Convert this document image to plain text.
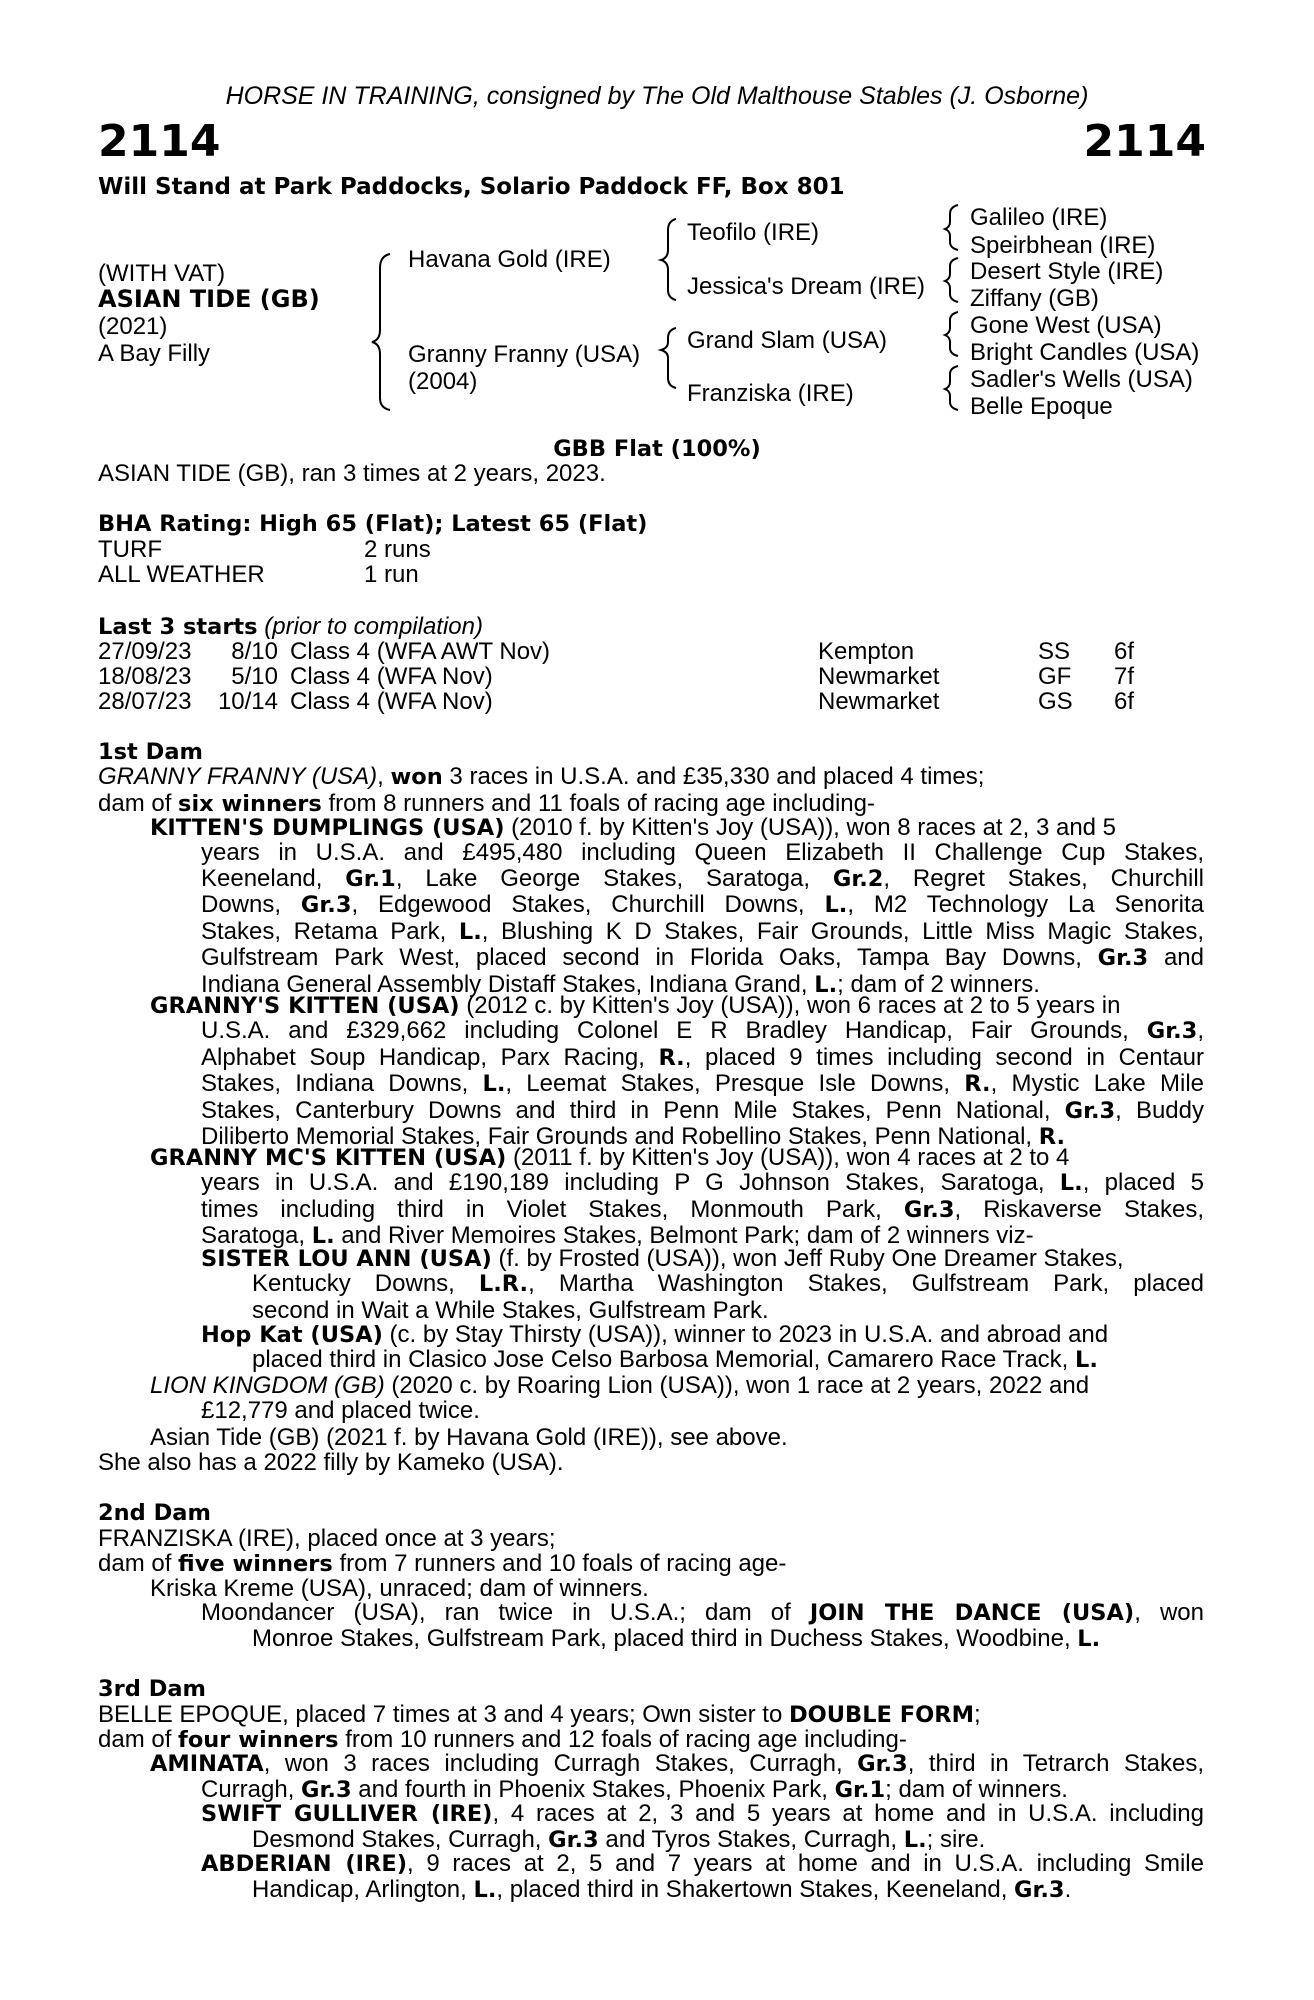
HORSE IN TRAINING, consigned by The Old Malthouse Stables (J. Osborne)
2114	2114
Will Stand at Park Paddocks, Solario Paddock FF, Box 801
(WITH VAT)
ASIAN TIDE (GB)
(2021)
A Bay Filly
Havana Gold (IRE)
Granny Franny (USA)
(2004)
Teofilo (IRE)
Jessica's Dream (IRE)
Grand Slam (USA)
Franziska (IRE)
Galileo (IRE)
Speirbhean (IRE)
Desert Style (IRE)
Ziffany (GB)
Gone West (USA)
Bright Candles (USA)
Sadler's Wells (USA)
Belle Epoque
GBB Flat (100%)
ASIAN TIDE (GB), ran 3 times at 2 years, 2023.
BHA Rating: High 65 (Flat); Latest 65 (Flat)
TURF	2 runs
ALL WEATHER	1 run
Last 3 starts (prior to compilation)
27/09/23	8/10 Class 4 (WFA AWT Nov)	Kempton	SS 6f
18/08/23	5/10 Class 4 (WFA Nov)	Newmarket	GF 7f
28/07/23	10/14 Class 4 (WFA Nov)	Newmarket	GS 6f
1st Dam
GRANNY FRANNY (USA), won 3 races in U.S.A. and £35,330 and placed 4 times;
dam of six winners from 8 runners and 11 foals of racing age including-
KITTEN'S DUMPLINGS (USA) (2010 f. by Kitten's Joy (USA)), won 8 races at 2, 3 and 5
years in U.S.A. and £495,480 including Queen Elizabeth II Challenge Cup Stakes,
Keeneland, Gr.1, Lake George Stakes, Saratoga, Gr.2, Regret Stakes, Churchill
Downs, Gr.3, Edgewood Stakes, Churchill Downs, L., M2 Technology La Senorita
Stakes, Retama Park, L., Blushing K D Stakes, Fair Grounds, Little Miss Magic Stakes,
Gulfstream Park West, placed second in Florida Oaks, Tampa Bay Downs, Gr.3 and
Indiana General Assembly Distaff Stakes, Indiana Grand, L.; dam of 2 winners.
GRANNY'S KITTEN (USA) (2012 c. by Kitten's Joy (USA)), won 6 races at 2 to 5 years in
U.S.A. and £329,662 including Colonel E R Bradley Handicap, Fair Grounds, Gr.3,
Alphabet Soup Handicap, Parx Racing, R., placed 9 times including second in Centaur
Stakes, Indiana Downs, L., Leemat Stakes, Presque Isle Downs, R., Mystic Lake Mile
Stakes, Canterbury Downs and third in Penn Mile Stakes, Penn National, Gr.3, Buddy
Diliberto Memorial Stakes, Fair Grounds and Robellino Stakes, Penn National, R.
GRANNY MC'S KITTEN (USA) (2011 f. by Kitten's Joy (USA)), won 4 races at 2 to 4
years in U.S.A. and £190,189 including P G Johnson Stakes, Saratoga, L., placed 5
times including third in Violet Stakes, Monmouth Park, Gr.3, Riskaverse Stakes,
Saratoga, L. and River Memoires Stakes, Belmont Park; dam of 2 winners viz-
SISTER LOU ANN (USA) (f. by Frosted (USA)), won Jeff Ruby One Dreamer Stakes,
Kentucky Downs, L.R., Martha Washington Stakes, Gulfstream Park, placed
second in Wait a While Stakes, Gulfstream Park.
Hop Kat (USA) (c. by Stay Thirsty (USA)), winner to 2023 in U.S.A. and abroad and
placed third in Clasico Jose Celso Barbosa Memorial, Camarero Race Track, L.
LION KINGDOM (GB) (2020 c. by Roaring Lion (USA)), won 1 race at 2 years, 2022 and
£12,779 and placed twice.
Asian Tide (GB) (2021 f. by Havana Gold (IRE)), see above.
She also has a 2022 filly by Kameko (USA).
2nd Dam
FRANZISKA (IRE), placed once at 3 years;
dam of five winners from 7 runners and 10 foals of racing age-
Kriska Kreme (USA), unraced; dam of winners.
Moondancer (USA), ran twice in U.S.A.; dam of JOIN THE DANCE (USA), won
Monroe Stakes, Gulfstream Park, placed third in Duchess Stakes, Woodbine, L.
3rd Dam
BELLE EPOQUE, placed 7 times at 3 and 4 years; Own sister to DOUBLE FORM;
dam of four winners from 10 runners and 12 foals of racing age including-
AMINATA, won 3 races including Curragh Stakes, Curragh, Gr.3, third in Tetrarch Stakes,
Curragh, Gr.3 and fourth in Phoenix Stakes, Phoenix Park, Gr.1; dam of winners.
SWIFT GULLIVER (IRE), 4 races at 2, 3 and 5 years at home and in U.S.A. including
Desmond Stakes, Curragh, Gr.3 and Tyros Stakes, Curragh, L.; sire.
ABDERIAN (IRE), 9 races at 2, 5 and 7 years at home and in U.S.A. including Smile
Handicap, Arlington, L., placed third in Shakertown Stakes, Keeneland, Gr.3.
